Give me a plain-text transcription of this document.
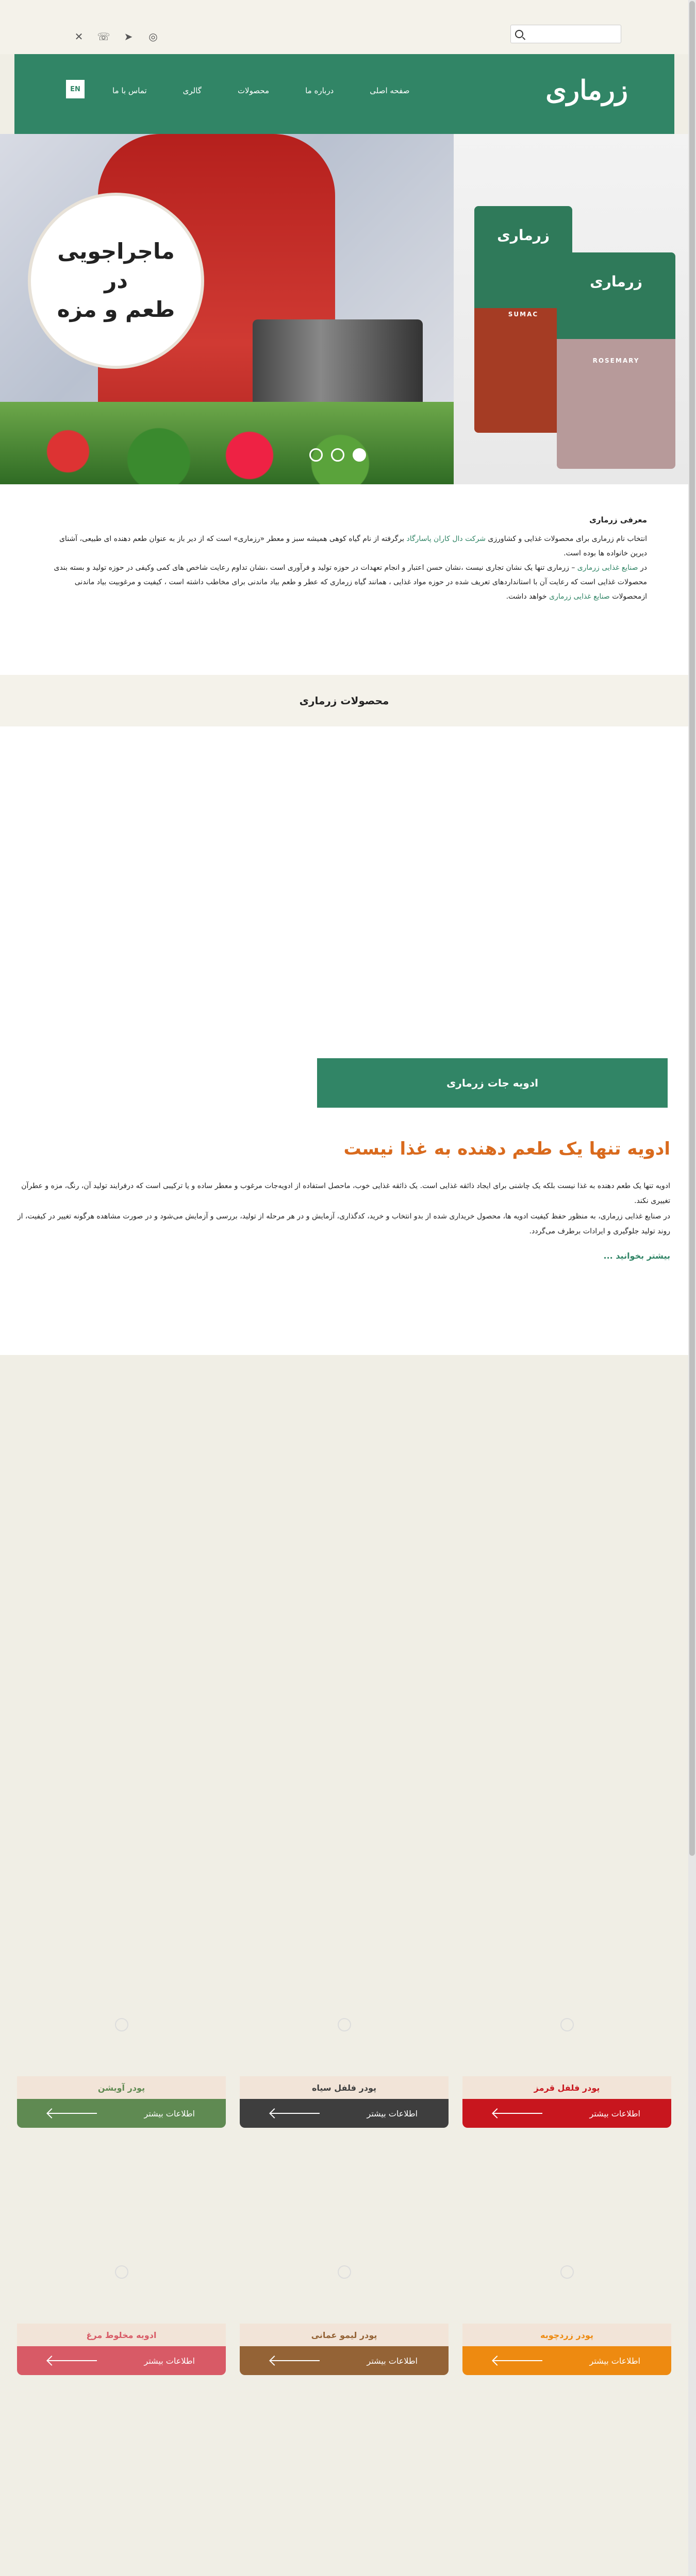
✕ ☏ ➤ ◎
زرماری
صفحه اصلی
درباره ما
محصولات
گالری
تماس با ما
EN
ماجراجویی
در
طعم و مزه
زرماری
SUMAC
زرماری
ROSEMARY
معرفی زرماری

انتخاب نام زرماری برای محصولات غذایی و کشاورزی شرکت دال کاران پاسارگاد برگرفته از نام گیاه کوهی همیشه سبز و معطر «رزماری» است که از دیر باز به عنوان طعم دهنده ای طبیعی، آشنای دیرین خانواده ها بوده است.

در صنایع غذایی زرماری – زرماری تنها یک نشان تجاری نیست ،نشان حسن اعتبار و انجام تعهدات در حوزه تولید و فرآوری است ،نشان تداوم رعایت شاخص های کمی وکیفی در حوزه تولید و بسته بندی محصولات غذایی است که رعایت آن با استانداردهای تعریف شده در حوزه مواد غذایی ، همانند گیاه زرماری که عطر و طعم بیاد ماندنی برای مخاطب داشته است ، کیفیت و مرغوبیت بیاد ماندنی ازمحصولات صنایع غذایی زرماری خواهد داشت.

محصولات زرماری
ادویه جات زرماری
ادویه تنها یک طعم دهنده به غذا نیست

ادویه تنها یک طعم دهنده به غذا نیست بلکه یک چاشنی برای ایجاد ذائقه غذایی است. یک ذائقه غذایی خوب، ماحصل استفاده از ادویه‌جات مرغوب و معطر ساده و یا ترکیبی است که درفرایند تولید آن، رنگ، مزه و عطرآن تغییری نکند.

در صنایع غذایی زرماری، به منظور حفظ کیفیت ادویه ها، محصول خریداری شده از بدو انتخاب و خرید، کدگذاری، آزمایش و در هر مرحله از تولید، بررسی و آزمایش می‌شود و در صورت مشاهده هرگونه تغییر در کیفیت، از روند تولید جلوگیری و ایرادات برطرف می‌گردد.

بیشتر بخوانید ...
پودر فلفل قرمز
اطلاعات بیشتر
پودر فلفل سیاه
اطلاعات بیشتر
پودر آویشن
اطلاعات بیشتر
پودر زردچوبه
اطلاعات بیشتر
پودر لیمو عمانی
اطلاعات بیشتر
ادویه مخلوط مرغ
اطلاعات بیشتر
